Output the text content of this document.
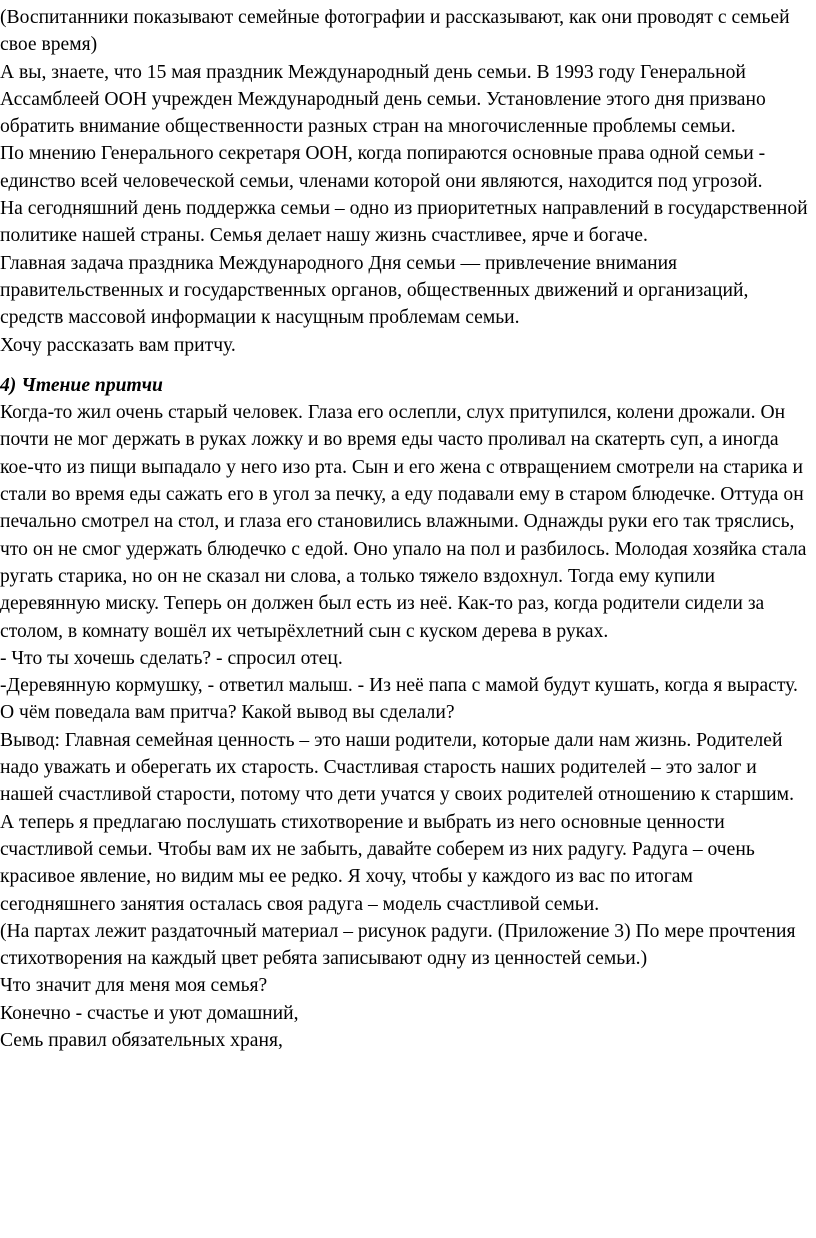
(Воспитанники показывают семейные фотографии и рассказывают, как они проводят с семьей свое время)

А вы, знаете, что 15 мая праздник Международный день семьи. В 1993 году Генеральной Ассамблеей ООН учрежден Международный день семьи. Установление этого дня призвано обратить внимание общественности разных стран на многочисленные проблемы семьи.

По мнению Генерального секретаря ООН, когда попираются основные права одной семьи - единство всей человеческой семьи, членами которой они являются, находится под угрозой.

На сегодняшний день поддержка семьи – одно из приоритетных направлений в государственной политике нашей страны. Семья делает нашу жизнь счастливее, ярче и богаче.

Главная задача праздника Международного Дня семьи — привлечение внимания правительственных и государственных органов, общественных движений и организаций, средств массовой информации к насущным проблемам семьи.

Хочу рассказать вам притчу.

4) Чтение притчи

Когда-то жил очень старый человек. Глаза его ослепли, слух притупился, колени дрожали. Он почти не мог держать в руках ложку и во время еды часто проливал на скатерть суп, а иногда кое-что из пищи выпадало у него изо рта. Сын и его жена с отвращением смотрели на старика и стали во время еды сажать его в угол за печку, а еду подавали ему в старом блюдечке. Оттуда он печально смотрел на стол, и глаза его становились влажными. Однажды руки его так тряслись, что он не смог удержать блюдечко с едой. Оно упало на пол и разбилось. Молодая хозяйка стала ругать старика, но он не сказал ни слова, а только тяжело вздохнул. Тогда ему купили деревянную миску. Теперь он должен был есть из неё. Как-то раз, когда родители сидели за столом, в комнату вошёл их четырёхлетний сын с куском дерева в руках.

- Что ты хочешь сделать? - спросил отец.

-Деревянную кормушку, - ответил малыш. - Из неё папа с мамой будут кушать, когда я вырасту.

О чём поведала вам притча? Какой вывод вы сделали?

Вывод: Главная семейная ценность – это наши родители, которые дали нам жизнь. Родителей надо уважать и оберегать их старость. Счастливая старость наших родителей – это залог и нашей счастливой старости, потому что дети учатся у своих родителей отношению к старшим.

А теперь я предлагаю послушать стихотворение и выбрать из него основные ценности счастливой семьи. Чтобы вам их не забыть, давайте соберем из них радугу. Радуга – очень красивое явление, но видим мы ее редко. Я хочу, чтобы у каждого из вас по итогам сегодняшнего занятия осталась своя радуга – модель счастливой семьи.

(На партах лежит раздаточный материал – рисунок радуги. (Приложение 3) По мере прочтения стихотворения на каждый цвет ребята записывают одну из ценностей семьи.)

Что значит для меня моя семья?

Конечно - счастье и уют домашний,

Семь правил обязательных храня,
